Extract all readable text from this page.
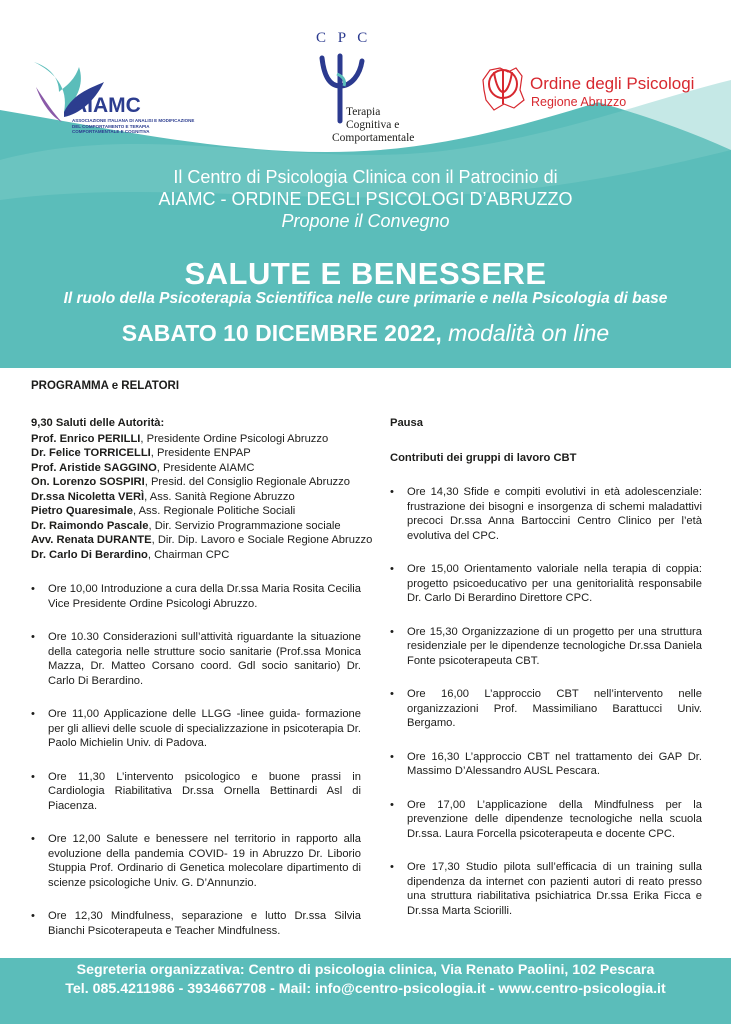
AIAMC
ASSOCIAZIONE ITALIANA DI ANALISI E MODIFICAZIONE DEL COMPORTAMENTO E TERAPIA COMPORTAMENTALE E COGNITIVA
C P C
Terapia
Cognitiva e
Comportamentale
Ordine degli Psicologi
Regione Abruzzo
Il Centro di Psicologia Clinica con il Patrocinio di
AIAMC - ORDINE DEGLI PSICOLOGI D’ABRUZZO
Propone il Convegno
SALUTE E BENESSERE
Il ruolo della Psicoterapia Scientifica nelle cure primarie e nella Psicologia di base
SABATO 10 DICEMBRE 2022, modalità on line
PROGRAMMA e RELATORI
9,30 Saluti delle Autorità:
Prof. Enrico PERILLI, Presidente Ordine Psicologi Abruzzo
Dr. Felice TORRICELLI, Presidente ENPAP
Prof. Aristide SAGGINO, Presidente AIAMC
On. Lorenzo SOSPIRI, Presid. del Consiglio Regionale Abruzzo
Dr.ssa Nicoletta VERÌ, Ass. Sanità Regione Abruzzo
Pietro Quaresimale, Ass. Regionale Politiche Sociali
Dr. Raimondo Pascale, Dir. Servizio Programmazione sociale
Avv. Renata DURANTE, Dir. Dip. Lavoro e Sociale Regione Abruzzo
Dr. Carlo Di Berardino, Chairman CPC
• Ore 10,00 Introduzione a cura della Dr.ssa Maria Rosita Cecilia Vice Presidente Ordine Psicologi Abruzzo.
• Ore 10.30 Considerazioni sull’attività riguardante la situazione della categoria nelle strutture socio sanitarie (Prof.ssa Monica Mazza, Dr. Matteo Corsano coord. Gdl socio sanitario) Dr. Carlo Di Berardino.
• Ore 11,00 Applicazione delle LLGG -linee guida- formazione per gli allievi delle scuole di specializzazione in psicoterapia Dr. Paolo Michielin Univ. di Padova.
• Ore 11,30 L’intervento psicologico e buone prassi in Cardiologia Riabilitativa Dr.ssa Ornella Bettinardi Asl di Piacenza.
• Ore 12,00 Salute e benessere nel territorio in rapporto alla evoluzione della pandemia COVID- 19 in Abruzzo Dr. Liborio Stuppia Prof. Ordinario di Genetica molecolare dipartimento di scienze psicologiche Univ. G. D’Annunzio.
• Ore 12,30 Mindfulness, separazione e lutto Dr.ssa Silvia Bianchi Psicoterapeuta e Teacher Mindfulness.
Pausa
Contributi dei gruppi di lavoro CBT
• Ore 14,30 Sfide e compiti evolutivi in età adolescenziale: frustrazione dei bisogni e insorgenza di schemi maladattivi precoci Dr.ssa Anna Bartoccini Centro Clinico per l’età evolutiva del CPC.
• Ore 15,00 Orientamento valoriale nella terapia di coppia: progetto psicoeducativo per una genitorialità responsabile Dr. Carlo Di Berardino Direttore CPC.
• Ore 15,30 Organizzazione di un progetto per una struttura residenziale per le dipendenze tecnologiche Dr.ssa Daniela Fonte psicoterapeuta CBT.
• Ore 16,00 L’approccio CBT nell’intervento nelle organizzazioni Prof. Massimiliano Barattucci Univ. Bergamo.
• Ore 16,30 L’approccio CBT nel trattamento dei GAP Dr. Massimo D’Alessandro AUSL Pescara.
• Ore 17,00 L’applicazione della Mindfulness per la prevenzione delle dipendenze tecnologiche nella scuola Dr.ssa. Laura Forcella psicoterapeuta e docente CPC.
• Ore 17,30 Studio pilota sull’efficacia di un training sulla dipendenza da internet con pazienti autori di reato presso una struttura riabilitativa psichiatrica Dr.ssa Erika Ficca e Dr.ssa Marta Sciorilli.
Segreteria organizzativa: Centro di psicologia clinica, Via Renato Paolini, 102 Pescara
Tel. 085.4211986 - 3934667708 - Mail: info@centro-psicologia.it - www.centro-psicologia.it
